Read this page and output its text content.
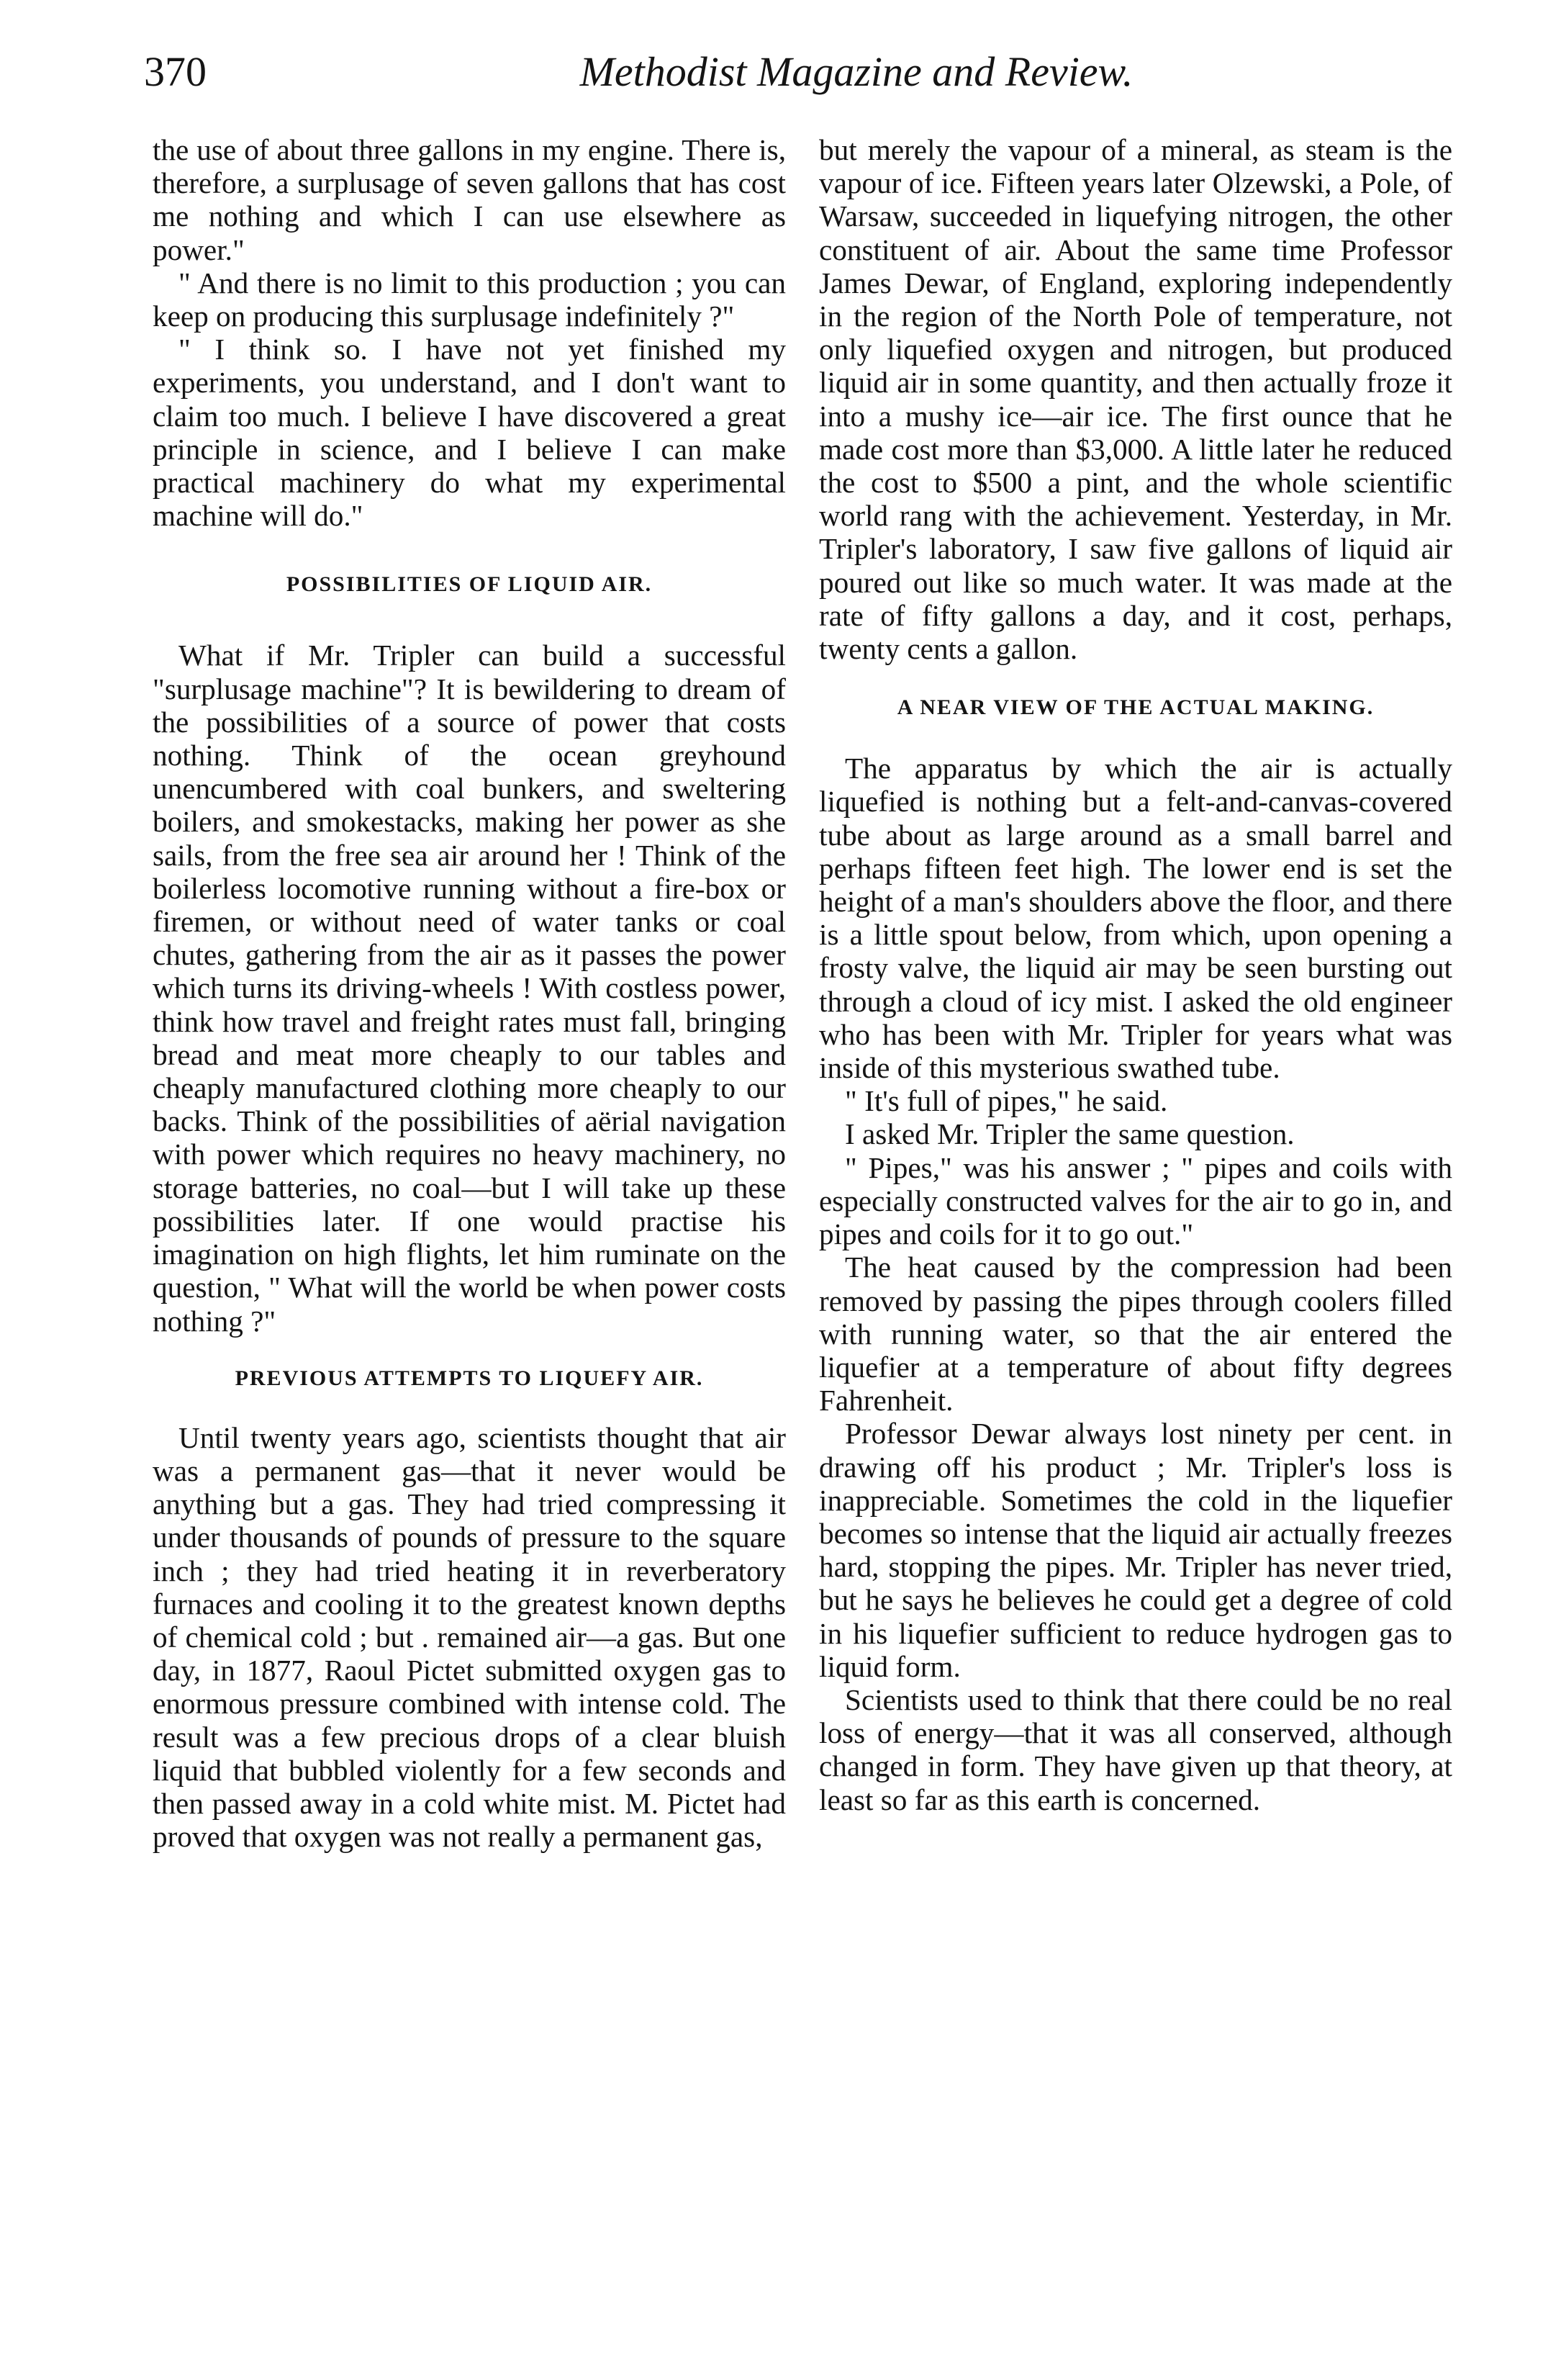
370	Methodist Magazine and Review.

the use of about three gallons in my engine. There is, therefore, a surplusage of seven gallons that has cost me nothing and which I can use elsewhere as power."

" And there is no limit to this production ; you can keep on producing this surplusage indefinitely ?"

" I think so. I have not yet finished my experiments, you understand, and I don't want to claim too much. I believe I have discovered a great principle in science, and I believe I can make practical machinery do what my experimental machine will do."

POSSIBILITIES OF LIQUID AIR.

What if Mr. Tripler can build a successful "surplusage machine"? It is bewildering to dream of the possibilities of a source of power that costs nothing. Think of the ocean greyhound unencumbered with coal bunkers, and sweltering boilers, and smokestacks, making her power as she sails, from the free sea air around her ! Think of the boilerless locomotive running without a fire-box or firemen, or without need of water tanks or coal chutes, gathering from the air as it passes the power which turns its driving-wheels ! With costless power, think how travel and freight rates must fall, bringing bread and meat more cheaply to our tables and cheaply manufactured clothing more cheaply to our backs. Think of the possibilities of aërial navigation with power which requires no heavy machinery, no storage batteries, no coal—but I will take up these possibilities later. If one would practise his imagination on high flights, let him ruminate on the question, " What will the world be when power costs nothing ?"

PREVIOUS ATTEMPTS TO LIQUEFY AIR.

Until twenty years ago, scientists thought that air was a permanent gas—that it never would be anything but a gas. They had tried compressing it under thousands of pounds of pressure to the square inch ; they had tried heating it in reverberatory furnaces and cooling it to the greatest known depths of chemical cold ; but . remained air—a gas. But one day, in 1877, Raoul Pictet submitted oxygen gas to enormous pressure combined with intense cold. The result was a few precious drops of a clear bluish liquid that bubbled violently for a few seconds and then passed away in a cold white mist. M. Pictet had proved that oxygen was not really a permanent gas,

but merely the vapour of a mineral, as steam is the vapour of ice. Fifteen years later Olzewski, a Pole, of Warsaw, succeeded in liquefying nitrogen, the other constituent of air. About the same time Professor James Dewar, of England, exploring independently in the region of the North Pole of temperature, not only liquefied oxygen and nitrogen, but produced liquid air in some quantity, and then actually froze it into a mushy ice—air ice. The first ounce that he made cost more than $3,000. A little later he reduced the cost to $500 a pint, and the whole scientific world rang with the achievement. Yesterday, in Mr. Tripler's laboratory, I saw five gallons of liquid air poured out like so much water. It was made at the rate of fifty gallons a day, and it cost, perhaps, twenty cents a gallon.

A NEAR VIEW OF THE ACTUAL MAKING.

The apparatus by which the air is actually liquefied is nothing but a felt-and-canvas-covered tube about as large around as a small barrel and perhaps fifteen feet high. The lower end is set the height of a man's shoulders above the floor, and there is a little spout below, from which, upon opening a frosty valve, the liquid air may be seen bursting out through a cloud of icy mist. I asked the old engineer who has been with Mr. Tripler for years what was inside of this mysterious swathed tube.

" It's full of pipes," he said.

I asked Mr. Tripler the same question.

" Pipes," was his answer ; " pipes and coils with especially constructed valves for the air to go in, and pipes and coils for it to go out."

The heat caused by the compression had been removed by passing the pipes through coolers filled with running water, so that the air entered the liquefier at a temperature of about fifty degrees Fahrenheit.

Professor Dewar always lost ninety per cent. in drawing off his product ; Mr. Tripler's loss is inappreciable. Sometimes the cold in the liquefier becomes so intense that the liquid air actually freezes hard, stopping the pipes. Mr. Tripler has never tried, but he says he believes he could get a degree of cold in his liquefier sufficient to reduce hydrogen gas to liquid form.

Scientists used to think that there could be no real loss of energy—that it was all conserved, although changed in form. They have given up that theory, at least so far as this earth is concerned.
